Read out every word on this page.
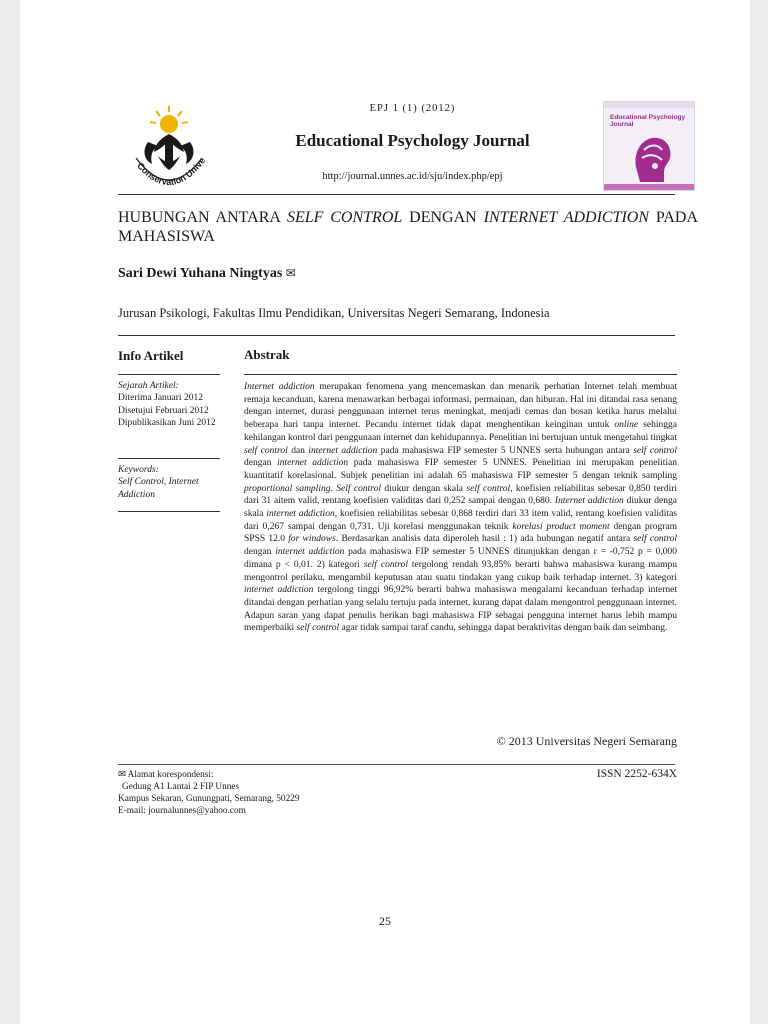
Conservation Unive
EPJ 1 (1) (2012)
Educational Psychology Journal
http://journal.unnes.ac.id/sju/index.php/epj
Educational Psychology Journal
HUBUNGAN ANTARA SELF CONTROL DENGAN INTERNET ADDICTION PADA MAHASISWA
Sari Dewi Yuhana Ningtyas ✉
Jurusan Psikologi, Fakultas Ilmu Pendidikan, Universitas Negeri Semarang, Indonesia
Info Artikel
Sejarah Artikel:
Diterima Januari 2012
Disetujui Februari 2012
Dipublikasikan Juni 2012
Keywords:
Self Control, Internet Addiction
Abstrak

Internet addiction merupakan fenomena yang mencemaskan dan menarik perhatian Internet telah membuat remaja kecanduan, karena menawarkan berbagai informasi, permainan, dan hiburan. Hal ini ditandai rasa senang dengan internet, durasi penggunaan internet terus meningkat, menjadi cemas dan bosan ketika harus melalui beberapa hari tanpa internet. Pecandu internet tidak dapat menghentikan keinginan untuk online sehingga kehilangan kontrol dari penggunaan internet dan kehidupannya. Penelitian ini bertujuan untuk mengetahui tingkat self control dan internet addiction pada mahasiswa FIP semester 5 UNNES serta hubungan antara self control dengan internet addiction pada mahasiswa FIP semester 5 UNNES. Penelitian ini merupakan penelitian kuantitatif korelasional. Subjek penelitian ini adalah 65 mahasiswa FIP semester 5 dengan teknik sampling proportional sampling. Self control diukur dengan skala self control, koefisien reliabilitas sebesar 0,850 terdiri dari 31 aitem valid, rentang koefisien validitas dari 0,252 sampai dengan 0,680. Internet addiction diukur denga skala internet addiction, koefisien reliabilitas sebesar 0,868 terdiri dari 33 item valid, rentang koefisien validitas dari 0,267 sampai dengan 0,731. Uji korelasi menggunakan teknik korelasi product moment dengan program SPSS 12.0 for windows. Berdasarkan analisis data diperoleh hasil : 1) ada hubungan negatif antara self control dengan internet addiction pada mahasiswa FIP semester 5 UNNES ditunjukkan dengan r = -0,752 p = 0,000 dimana p < 0,01. 2) kategori self control tergolong rendah 93,85% berarti bahwa mahasiswa kurang mampu mengontrol perilaku, mengambil keputusan atau suatu tindakan yang cukup baik terhadap internet. 3) kategori internet addiction tergolong tinggi 96,92% berarti bahwa mahasiswa mengalami kecanduan terhadap internet ditandai dengan perhatian yang selalu tertuju pada internet, kurang dapat dalam mengontrol penggunaan internet. Adapun saran yang dapat penulis berikan bagi mahasiswa FIP sebagai pengguna internet harus lebih mampu memperbaiki self control agar tidak sampai taraf candu, sehingga dapat beraktivitas dengan baik dan seimbang.

© 2013 Universitas Negeri Semarang
ISSN 2252-634X
✉ Alamat korespondensi:
Gedung A1 Lantai 2 FIP Unnes
Kampus Sekaran, Gunungpati, Semarang, 50229
E-mail: journalunnes@yahoo.com
25
